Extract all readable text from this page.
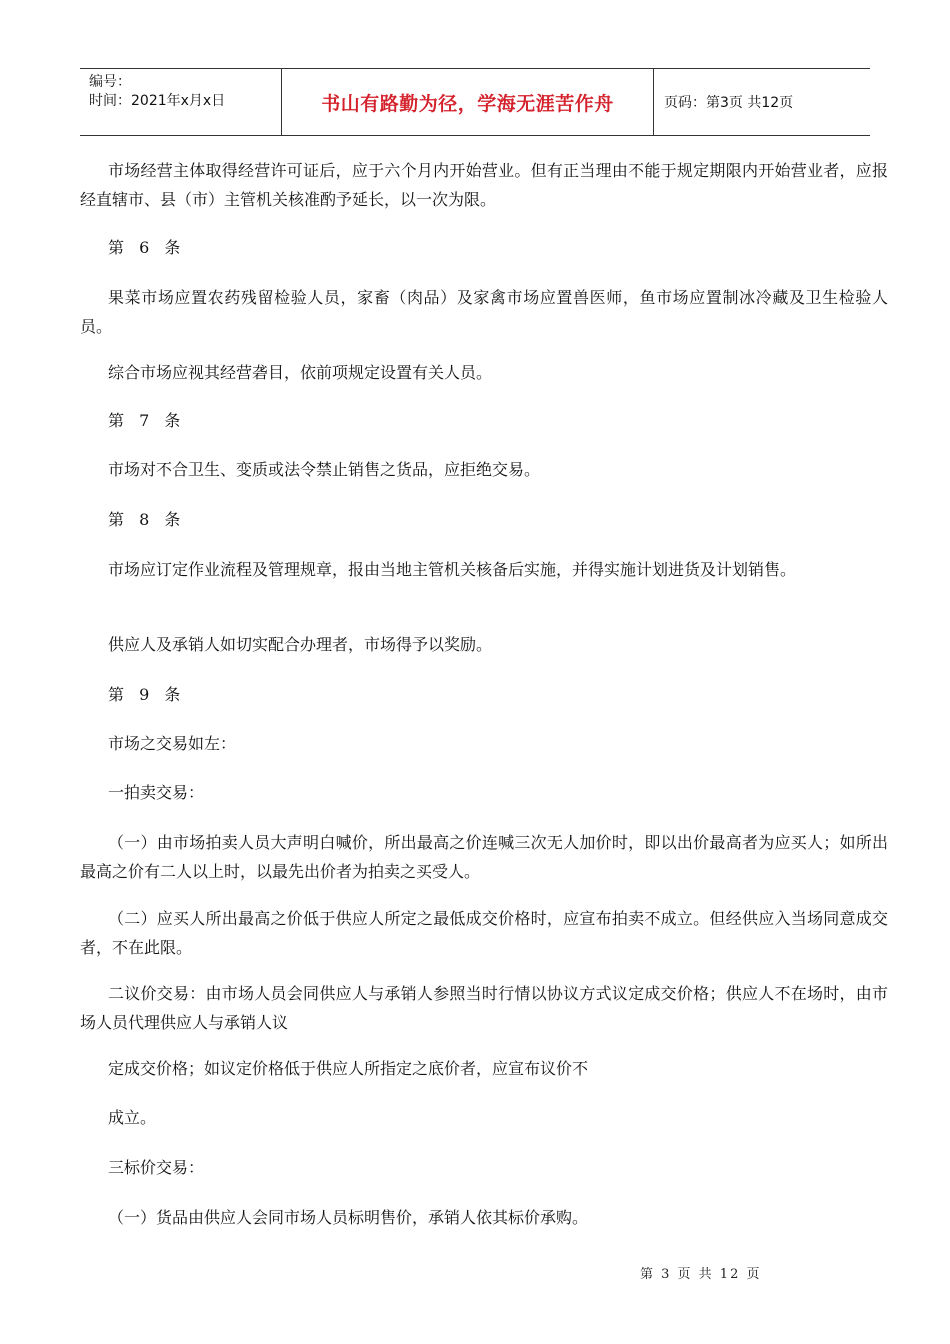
编号：
时间：2021年x月x日	书山有路勤为径，学海无涯苦作舟	页码：第3页 共12页

市场经营主体取得经营许可证后，应于六个月内开始营业。但有正当理由不能于规定期限内开始营业者，应报经直辖市、县（市）主管机关核准酌予延长，以一次为限。

第 6 条

果菜市场应置农药残留检验人员，家畜（肉品）及家禽市场应置兽医师，鱼市场应置制冰冷藏及卫生检验人员。

综合市场应视其经营砻目，依前项规定设置有关人员。

第 7 条

市场对不合卫生、变质或法令禁止销售之货品，应拒绝交易。

第 8 条

市场应订定作业流程及管理规章，报由当地主管机关核备后实施，并得实施计划进货及计划销售。

供应人及承销人如切实配合办理者，市场得予以奖励。

第 9 条

市场之交易如左：

一拍卖交易：

（一）由市场拍卖人员大声明白喊价，所出最高之价连喊三次无人加价时，即以出价最高者为应买人；如所出最高之价有二人以上时，以最先出价者为拍卖之买受人。

（二）应买人所出最高之价低于供应人所定之最低成交价格时，应宣布拍卖不成立。但经供应入当场同意成交者，不在此限。

二议价交易：由市场人员会同供应人与承销人参照当时行情以协议方式议定成交价格；供应人不在场时，由市场人员代理供应人与承销人议

定成交价格；如议定价格低于供应人所指定之底价者，应宣布议价不

成立。

三标价交易：

（一）货品由供应人会同市场人员标明售价，承销人依其标价承购。

第 3 页 共 12 页
